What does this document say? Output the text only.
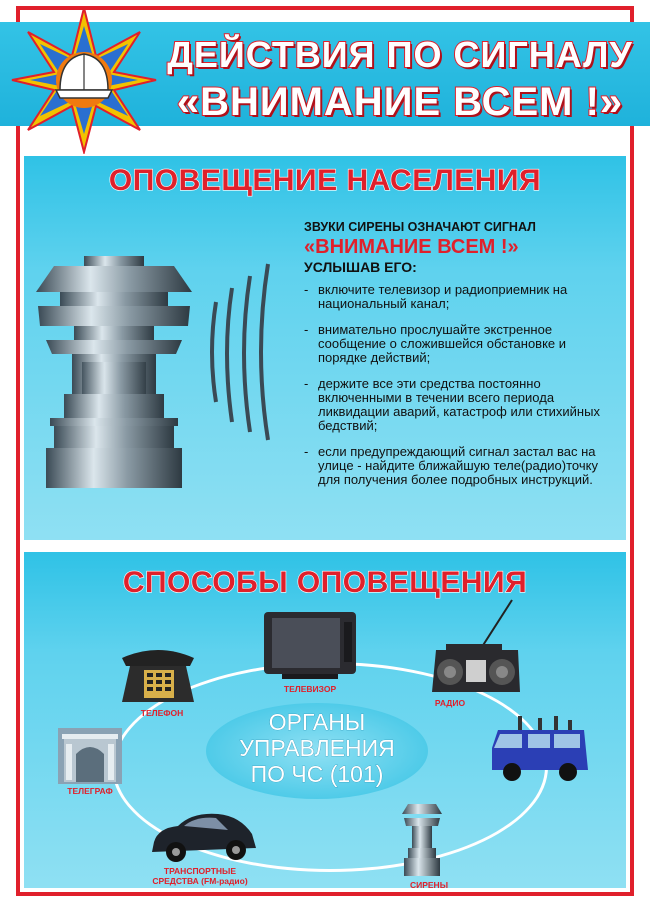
ДЕЙСТВИЯ ПО СИГНАЛУ
«ВНИМАНИЕ ВСЕМ !»
ОПОВЕЩЕНИЕ НАСЕЛЕНИЯ
ЗВУКИ СИРЕНЫ ОЗНАЧАЮТ СИГНАЛ
«ВНИМАНИЕ ВСЕМ !»
УСЛЫШАВ ЕГО:
- включите телевизор и радиоприемник на национальный канал;
- внимательно прослушайте экстренное сообщение о сложившейся обстановке и порядке действий;
- держите все эти средства постоянно включенными в течении всего периода ликвидации аварий, катастроф или стихийных бедствий;
- если предупреждающий сигнал застал вас на улице - найдите ближайшую теле(радио)точку для получения более подробных инструкций.
СПОСОБЫ ОПОВЕЩЕНИЯ
ОРГАНЫ
УПРАВЛЕНИЯ
ПО ЧС (101)
ТЕЛЕВИЗОР
ТЕЛЕФОН
РАДИО
ТЕЛЕГРАФ
ТРАНСПОРТНЫЕ
СРЕДСТВА (FM-радио)	СИРЕНЫ
